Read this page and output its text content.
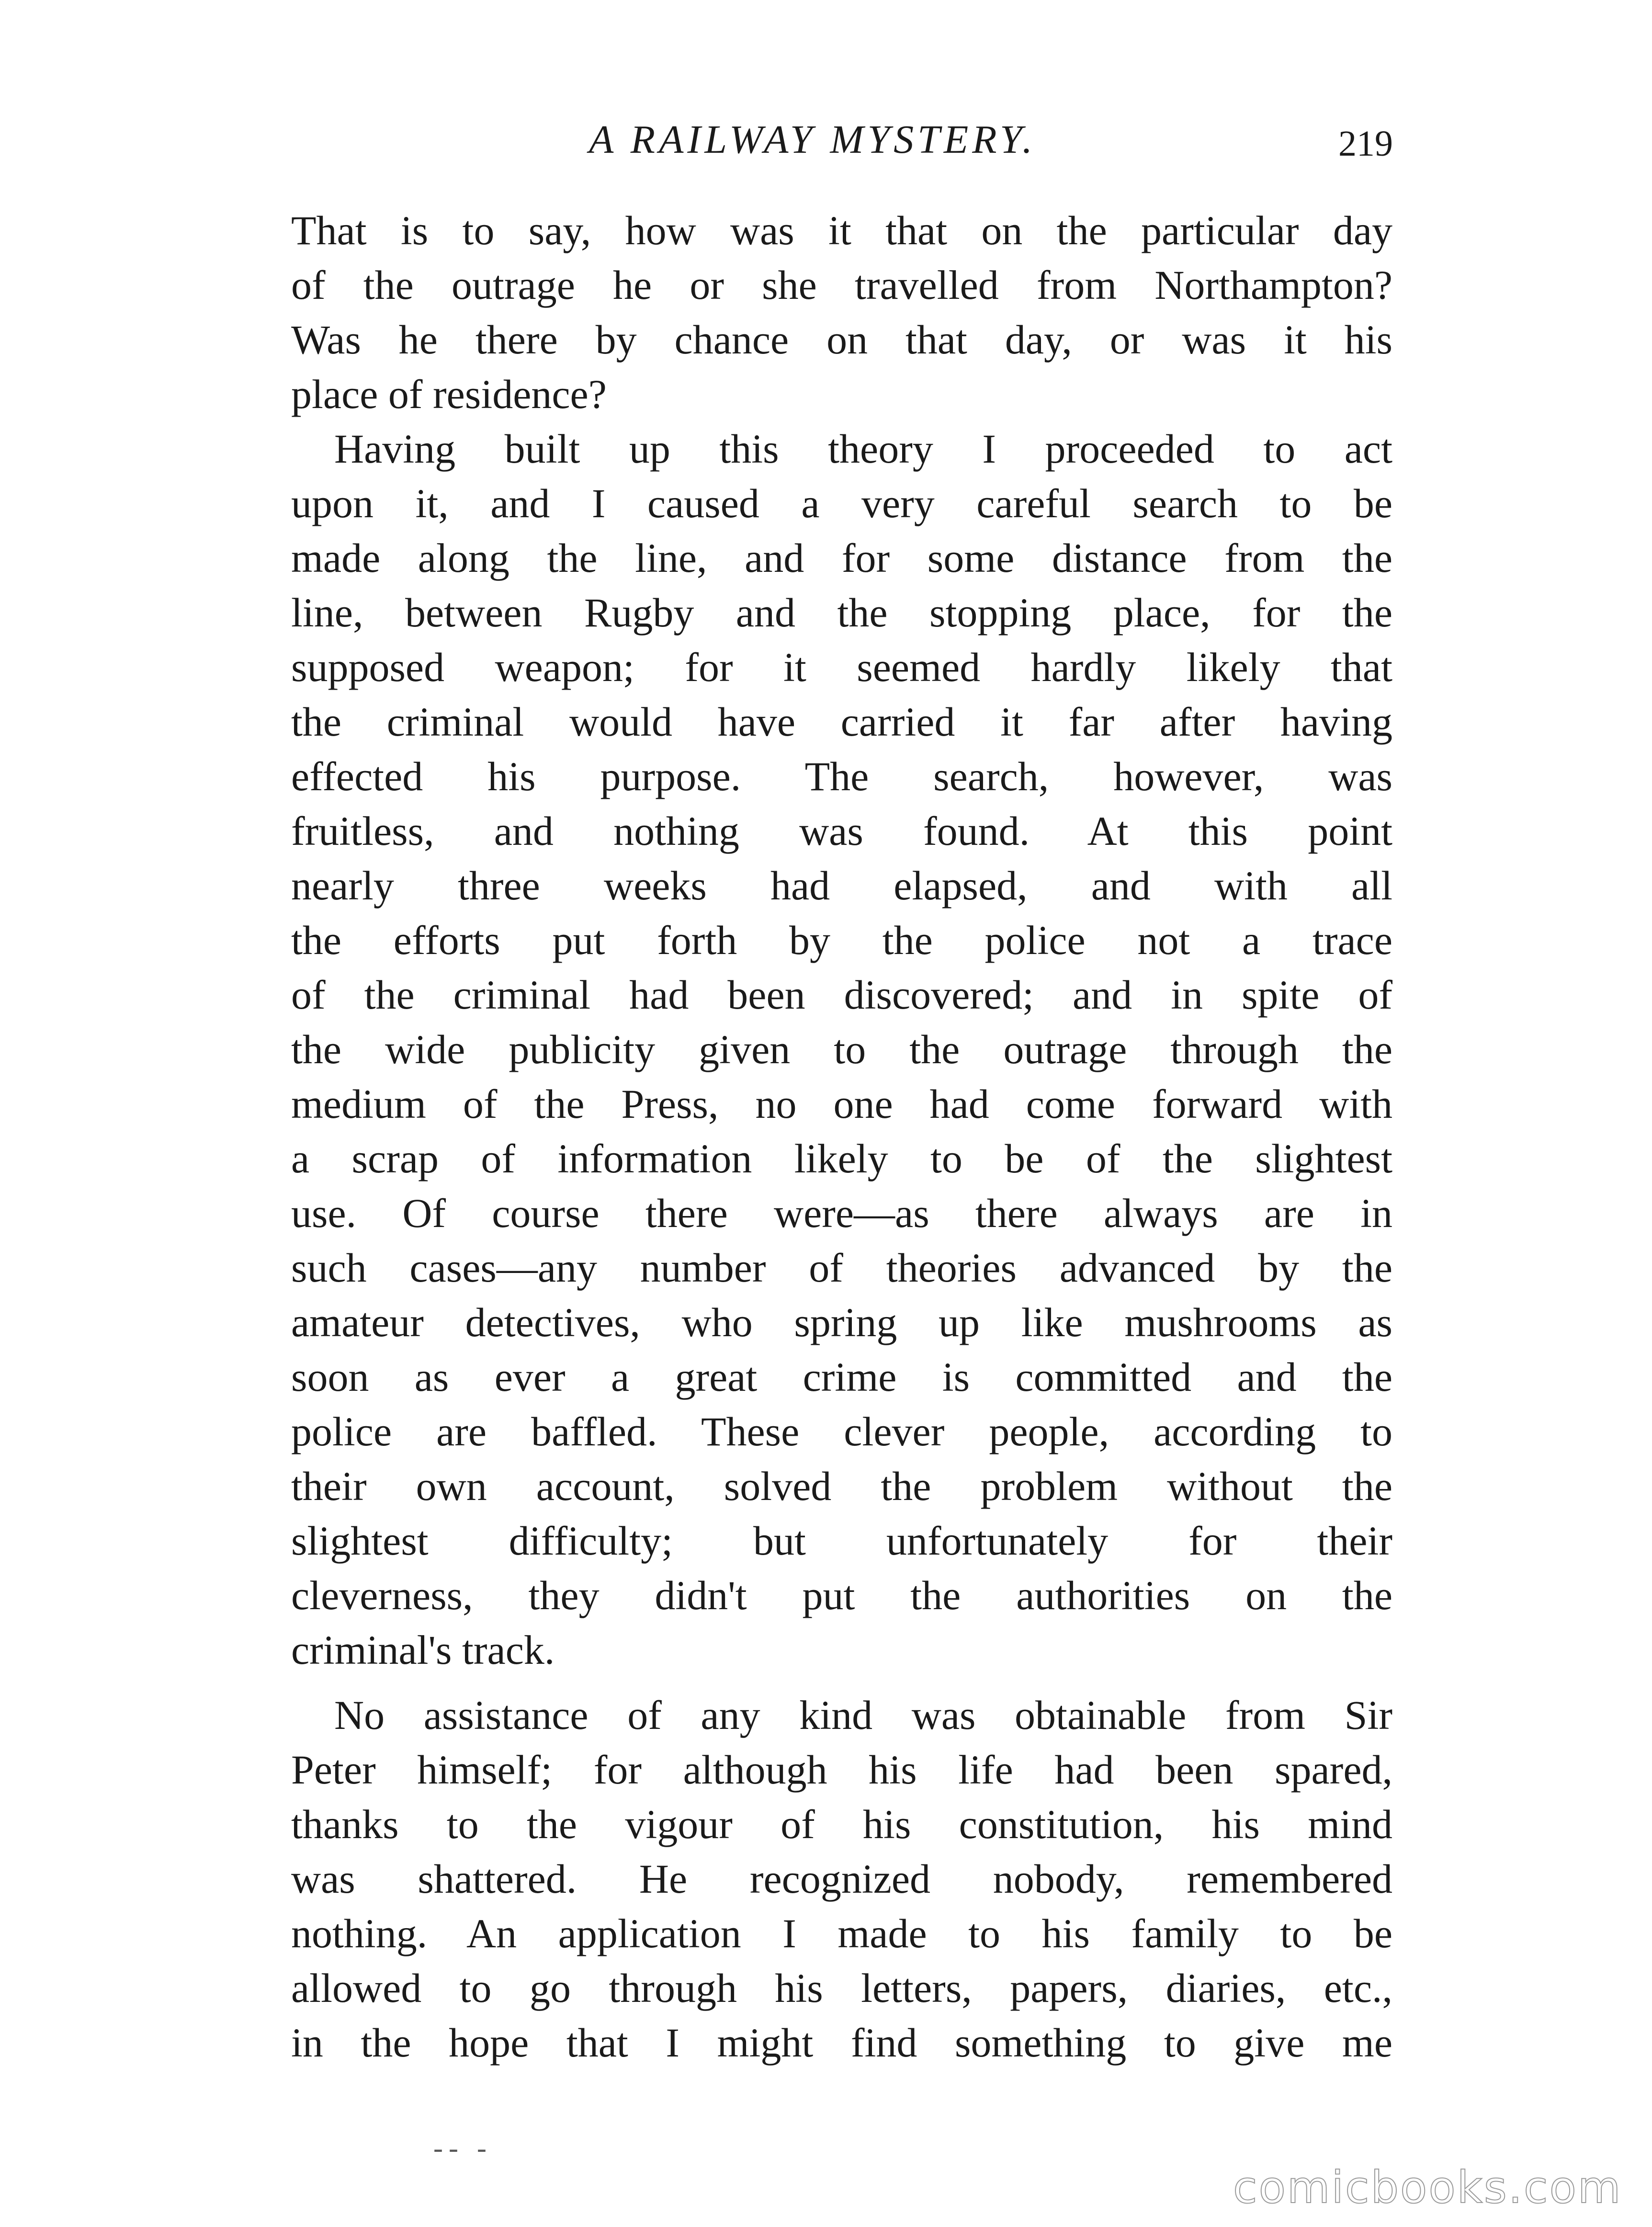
A RAILWAY MYSTERY.	219
That is to say, how was it that on the particular day
of the outrage he or she travelled from Northampton?
Was he there by chance on that day, or was it his
place of residence?
Having built up this theory I proceeded to act
upon it, and I caused a very careful search to be
made along the line, and for some distance from the
line, between Rugby and the stopping place, for the
supposed weapon; for it seemed hardly likely that
the criminal would have carried it far after having
effected his purpose. The search, however, was
fruitless, and nothing was found. At this point
nearly three weeks had elapsed, and with all
the efforts put forth by the police not a trace
of the criminal had been discovered; and in spite of
the wide publicity given to the outrage through the
medium of the Press, no one had come forward with
a scrap of information likely to be of the slightest
use. Of course there were—as there always are in
such cases—any number of theories advanced by the
amateur detectives, who spring up like mushrooms as
soon as ever a great crime is committed and the
police are baffled. These clever people, according to
their own account, solved the problem without the
slightest difficulty; but unfortunately for their
cleverness, they didn't put the authorities on the
criminal's track.
No assistance of any kind was obtainable from Sir
Peter himself; for although his life had been spared,
thanks to the vigour of his constitution, his mind
was shattered. He recognized nobody, remembered
nothing. An application I made to his family to be
allowed to go through his letters, papers, diaries, etc.,
in the hope that I might find something to give me
-- -
comicbooks.com
